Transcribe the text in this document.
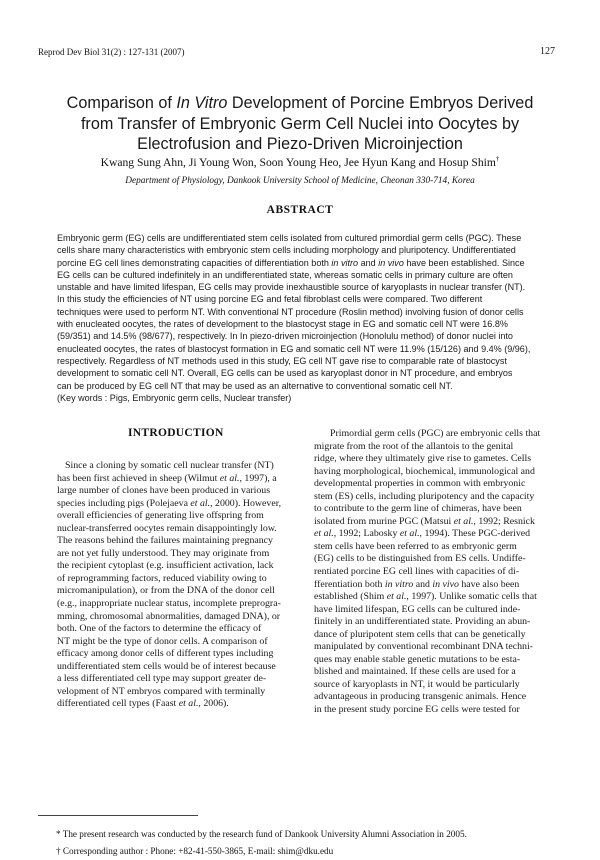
Reprod Dev Biol 31(2) : 127-131 (2007)	127

Comparison of In Vitro Development of Porcine Embryos Derived

from Transfer of Embryonic Germ Cell Nuclei into Oocytes by

Electrofusion and Piezo-Driven Microinjection

Kwang Sung Ahn, Ji Young Won, Soon Young Heo, Jee Hyun Kang and Hosup Shim†
Department of Physiology, Dankook University School of Medicine, Cheonan 330-714, Korea
ABSTRACT

Embryonic germ (EG) cells are undifferentiated stem cells isolated from cultured primordial germ cells (PGC). These

cells share many characteristics with embryonic stem cells including morphology and pluripotency. Undifferentiated

porcine EG cell lines demonstrating capacities of differentiation both in vitro and in vivo have been established. Since

EG cells can be cultured indefinitely in an undifferentiated state, whereas somatic cells in primary culture are often

unstable and have limited lifespan, EG cells may provide inexhaustible source of karyoplasts in nuclear transfer (NT).

In this study the efficiencies of NT using porcine EG and fetal fibroblast cells were compared. Two different

techniques were used to perform NT. With conventional NT procedure (Roslin method) involving fusion of donor cells

with enucleated oocytes, the rates of development to the blastocyst stage in EG and somatic cell NT were 16.8%

(59/351) and 14.5% (98/677), respectively. In In piezo-driven microinjection (Honolulu method) of donor nuclei into

enucleated oocytes, the rates of blastocyst formation in EG and somatic cell NT were 11.9% (15/126) and 9.4% (9/96),

respectively. Regardless of NT methods used in this study, EG cell NT gave rise to comparable rate of blastocyst

development to somatic cell NT. Overall, EG cells can be used as karyoplast donor in NT procedure, and embryos

can be produced by EG cell NT that may be used as an alternative to conventional somatic cell NT.

(Key words : Pigs, Embryonic germ cells, Nuclear transfer)

INTRODUCTION

Since a cloning by somatic cell nuclear transfer (NT)

has been first achieved in sheep (Wilmut et al., 1997), a

large number of clones have been produced in various

species including pigs (Polejaeva et al., 2000). However,

overall efficiencies of generating live offspring from

nuclear-transferred oocytes remain disappointingly low.

The reasons behind the failures maintaining pregnancy

are not yet fully understood. They may originate from

the recipient cytoplast (e.g. insufficient activation, lack

of reprogramming factors, reduced viability owing to

micromanipulation), or from the DNA of the donor cell

(e.g., inappropriate nuclear status, incomplete preprogra-

mming, chromosomal abnormalities, damaged DNA), or

both. One of the factors to determine the efficacy of

NT might be the type of donor cells. A comparison of

efficacy among donor cells of different types including

undifferentiated stem cells would be of interest because

a less differentiated cell type may support greater de-

velopment of NT embryos compared with terminally

differentiated cell types (Faast et al., 2006).

Primordial germ cells (PGC) are embryonic cells that

migrate from the root of the allantois to the genital

ridge, where they ultimately give rise to gametes. Cells

having morphological, biochemical, immunological and

developmental properties in common with embryonic

stem (ES) cells, including pluripotency and the capacity

to contribute to the germ line of chimeras, have been

isolated from murine PGC (Matsui et al., 1992; Resnick

et al., 1992; Labosky et al., 1994). These PGC-derived

stem cells have been referred to as embryonic germ

(EG) cells to be distinguished from ES cells. Undiffe-

rentiated porcine EG cell lines with capacities of di-

fferentiation both in vitro and in vivo have also been

established (Shim et al., 1997). Unlike somatic cells that

have limited lifespan, EG cells can be cultured inde-

finitely in an undifferentiated state. Providing an abun-

dance of pluripotent stem cells that can be genetically

manipulated by conventional recombinant DNA techni-

ques may enable stable genetic mutations to be esta-

blished and maintained. If these cells are used for a

source of karyoplasts in NT, it would be particularly

advantageous in producing transgenic animals. Hence

in the present study porcine EG cells were tested for

* The present research was conducted by the research fund of Dankook University Alumni Association in 2005.

† Corresponding author : Phone: +82-41-550-3865, E-mail: shim@dku.edu
